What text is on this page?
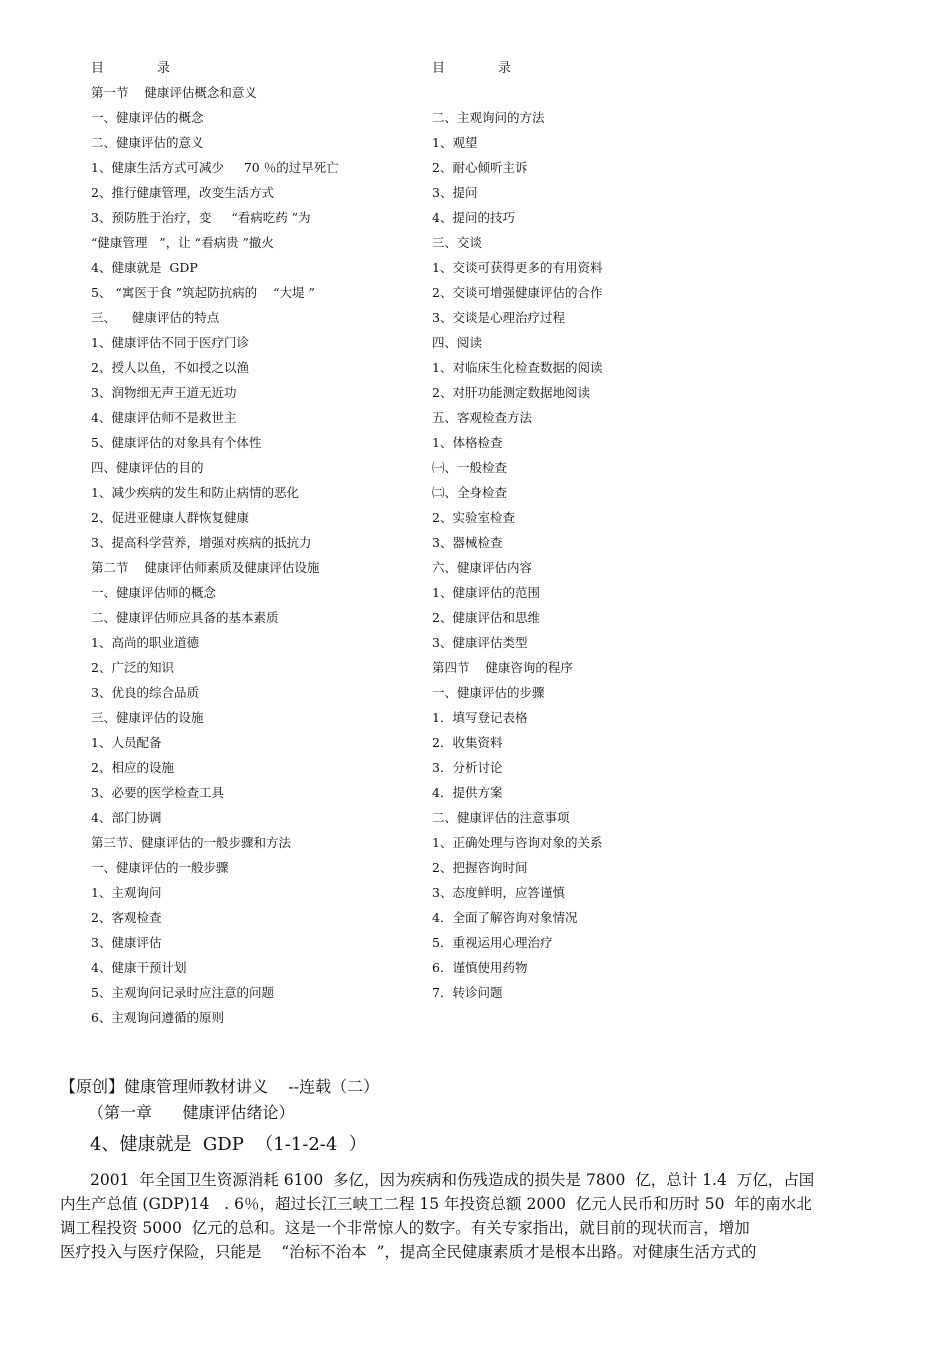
目	录
第一节    健康评估概念和意义
一、健康评估的概念
二、健康评估的意义
1、健康生活方式可减少     70 ％的过早死亡
2、推行健康管理，改变生活方式
3、预防胜于治疗，变     “看病吃药 ”为
“健康管理   ”，让 “看病贵 ”撤火
4、健康就是  GDP
5、 “寓医于食 ”筑起防抗病的    “大堤 ”
三、    健康评估的特点
1、健康评估不同于医疗门诊
2、授人以鱼，不如授之以渔
3、润物细无声王道无近功
4、健康评估师不是救世主
5、健康评估的对象具有个体性
四、健康评估的目的
1、减少疾病的发生和防止病情的恶化
2、促进亚健康人群恢复健康
3、提高科学营养，增强对疾病的抵抗力
第二节    健康评估师素质及健康评估设施
一、健康评估师的概念
二、健康评估师应具备的基本素质
1、高尚的职业道德
2、广泛的知识
3、优良的综合品质
三、健康评估的设施
1、人员配备
2、相应的设施
3、必要的医学检查工具
4、部门协调
第三节、健康评估的一般步骤和方法
一、健康评估的一般步骤
1、主观询问
2、客观检查
3、健康评估
4、健康干预计划
5、主观询问记录时应注意的问题
6、主观询问遵循的原则
目	录
二、主观询问的方法
1、观望
2、耐心倾听主诉
3、提问
4、提问的技巧
三、交谈
1、交谈可获得更多的有用资料
2、交谈可增强健康评估的合作
3、交谈是心理治疗过程
四、阅读
1、对临床生化检查数据的阅读
2、对肝功能测定数据地阅读
五、客观检查方法
1、体格检查
㈠、一般检查
㈡、全身检查
2、实验室检查
3、器械检查
六、健康评估内容
1、健康评估的范围
2、健康评估和思维
3、健康评估类型
第四节    健康咨询的程序
一、健康评估的步骤
1．填写登记表格
2．收集资料
3．分析讨论
4．提供方案
二、健康评估的注意事项
1、正确处理与咨询对象的关系
2、把握咨询时间
3、态度鲜明，应答谨慎
4．全面了解咨询对象情况
5．重视运用心理治疗
6．谨慎使用药物
7．转诊问题
【原创】健康管理师教材讲义    --连载（二）
（第一章      健康评估绪论）
4、健康就是  GDP  （1-1-2-4  ）
2001  年全国卫生资源消耗 6100  多亿，因为疾病和伤残造成的损失是 7800  亿，总计 1.4  万亿，占国
内生产总值 (GDP)14   . 6％，超过长江三峡工二程 15 年投资总额 2000  亿元人民币和历时 50  年的南水北
调工程投资 5000  亿元的总和。这是一个非常惊人的数字。有关专家指出，就目前的现状而言，增加
医疗投入与医疗保险，只能是    “治标不治本  ”，提高全民健康素质才是根本出路。对健康生活方式的
